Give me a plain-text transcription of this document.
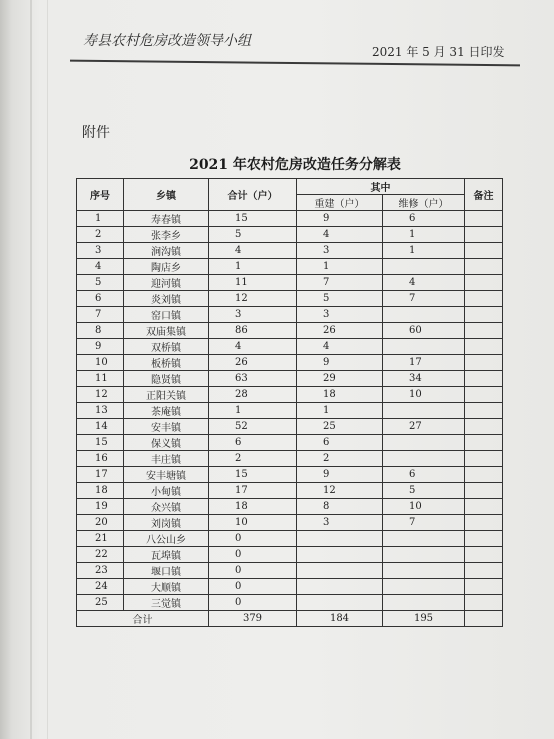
寿县农村危房改造领导小组
2021 年 5 月 31 日印发
附件
2021 年农村危房改造任务分解表
序号	乡镇	合计（户）	其中		备注
			重建（户）	维修（户）	
1	寿春镇	15	9	6	
2	张李乡	5	4	1	
3	涧沟镇	4	3	1	
4	陶店乡	1	1		
5	迎河镇	11	7	4	
6	炎刘镇	12	5	7	
7	窑口镇	3	3		
8	双庙集镇	86	26	60	
9	双桥镇	4	4		
10	板桥镇	26	9	17	
11	隐贤镇	63	29	34	
12	正阳关镇	28	18	10	
13	茶庵镇	1	1		
14	安丰镇	52	25	27	
15	保义镇	6	6		
16	丰庄镇	2	2		
17	安丰塘镇	15	9	6	
18	小甸镇	17	12	5	
19	众兴镇	18	8	10	
20	刘岗镇	10	3	7	
21	八公山乡	0			
22	瓦埠镇	0			
23	堰口镇	0			
24	大顺镇	0			
25	三觉镇	0			
合计		379	184	195	
